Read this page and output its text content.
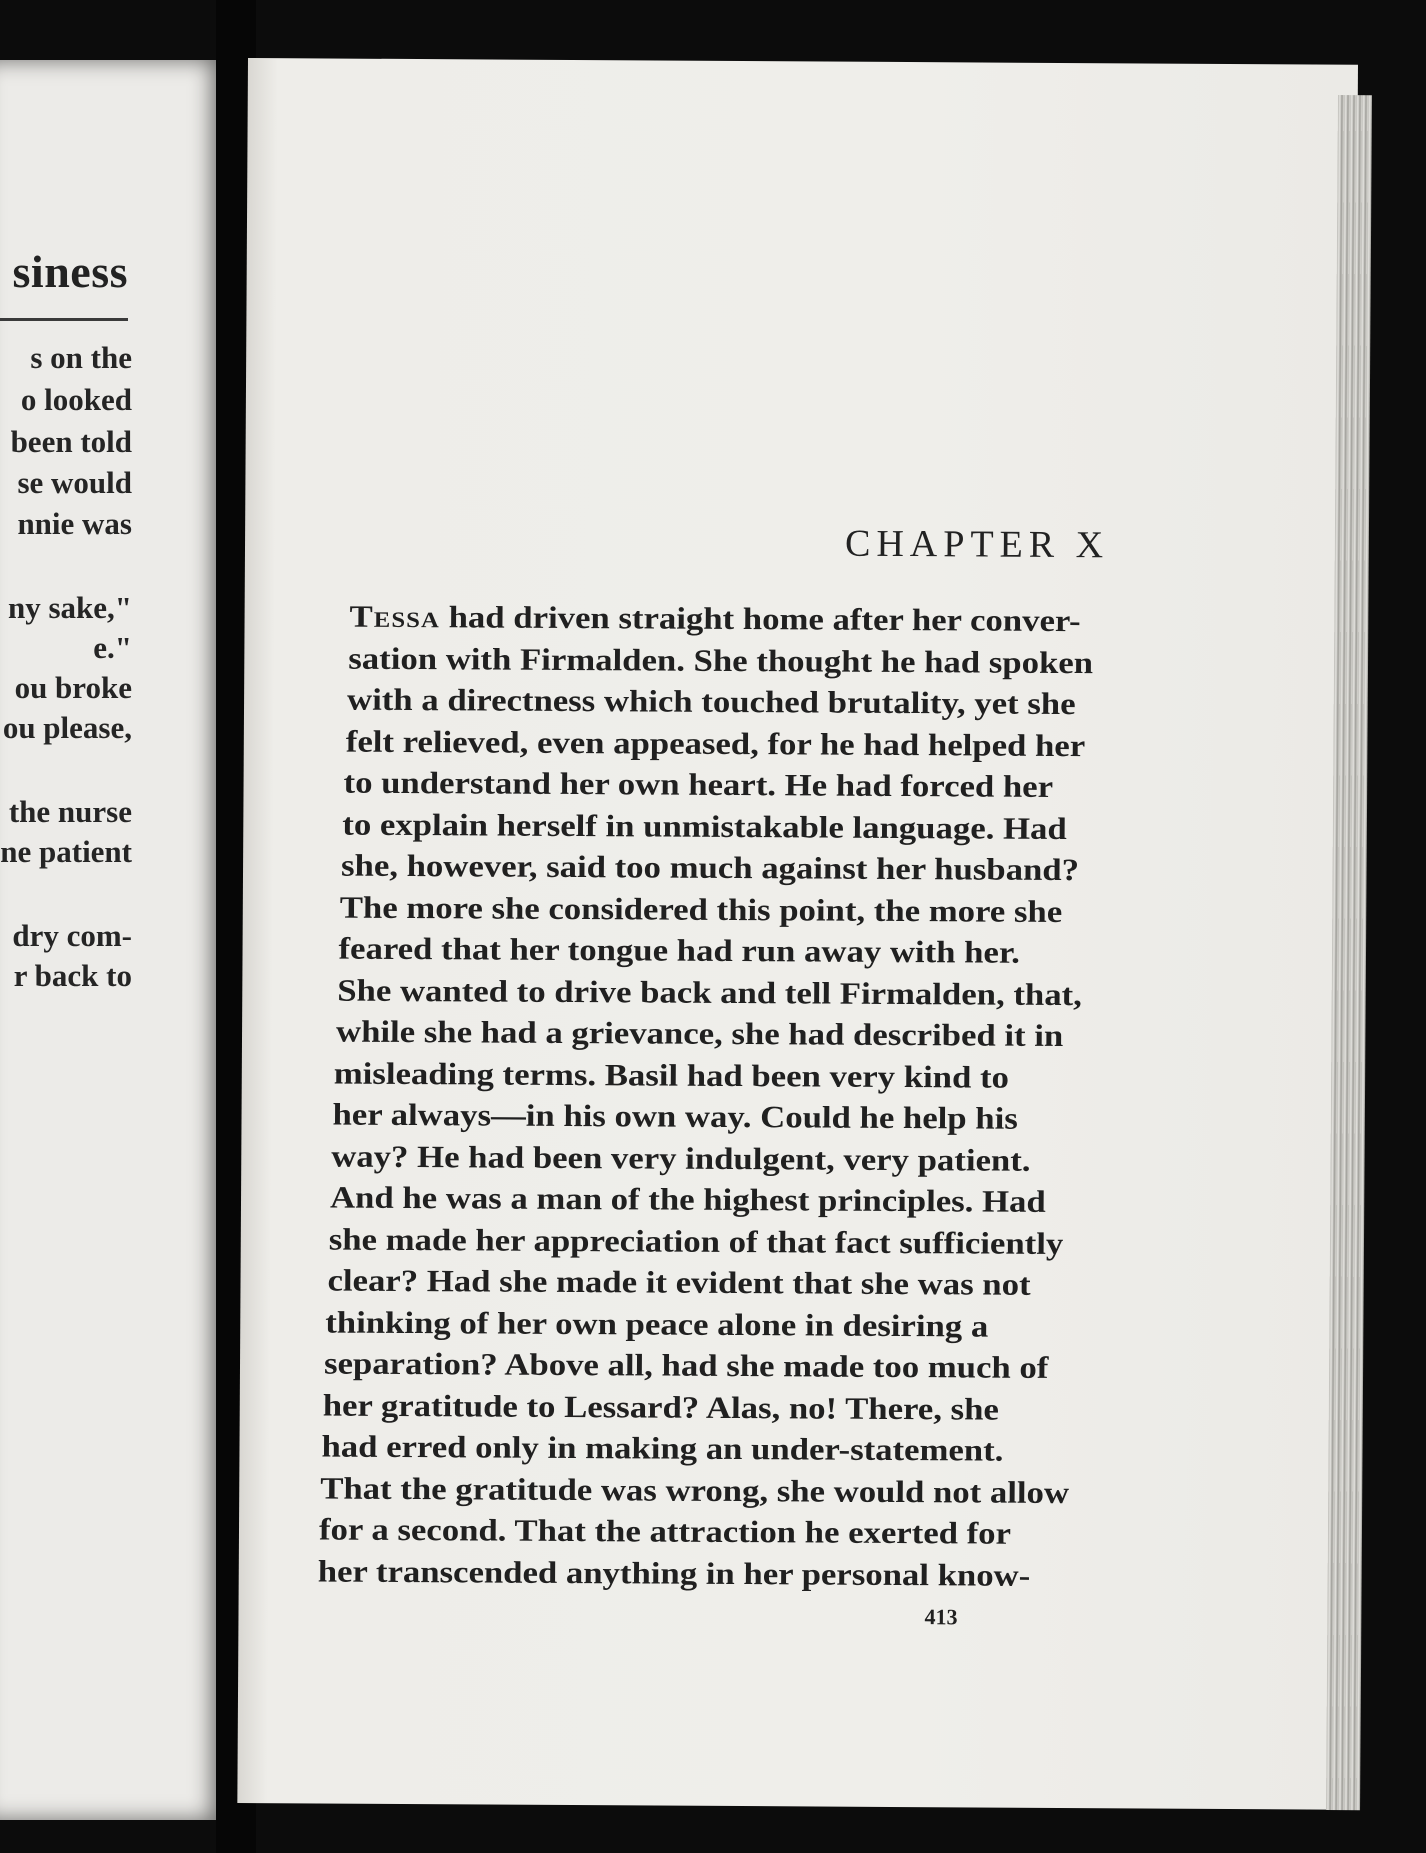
siness
s on the
o looked
been told
se would
nnie was
ny sake,"
e."
ou broke
ou please,
the nurse
ne patient
dry com-
r back to
CHAPTER X
Tessa had driven straight home after her conver-
sation with Firmalden. She thought he had spoken
with a directness which touched brutality, yet she
felt relieved, even appeased, for he had helped her
to understand her own heart. He had forced her
to explain herself in unmistakable language. Had
she, however, said too much against her husband?
The more she considered this point, the more she
feared that her tongue had run away with her.
She wanted to drive back and tell Firmalden, that,
while she had a grievance, she had described it in
misleading terms. Basil had been very kind to
her always—in his own way. Could he help his
way? He had been very indulgent, very patient.
And he was a man of the highest principles. Had
she made her appreciation of that fact sufficiently
clear? Had she made it evident that she was not
thinking of her own peace alone in desiring a
separation? Above all, had she made too much of
her gratitude to Lessard? Alas, no! There, she
had erred only in making an under-statement.
That the gratitude was wrong, she would not allow
for a second. That the attraction he exerted for
her transcended anything in her personal know-
413
